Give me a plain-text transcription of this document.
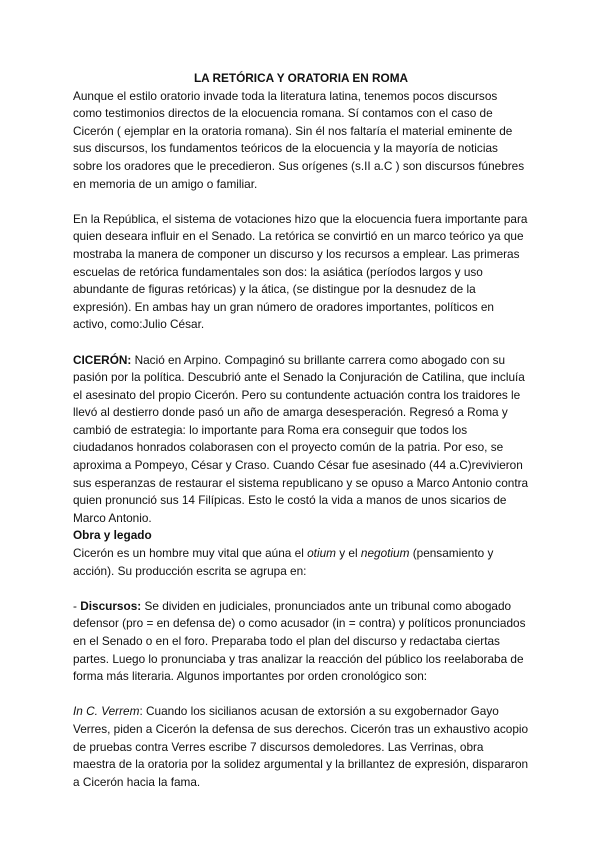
LA RETÓRICA Y ORATORIA EN ROMA

Aunque el estilo oratorio invade toda la literatura latina, tenemos pocos discursos como testimonios directos de la elocuencia romana. Sí contamos con el caso de Cicerón ( ejemplar en la oratoria romana). Sin él nos faltaría el material eminente de sus discursos, los fundamentos teóricos de la elocuencia y la mayoría de noticias sobre los oradores que le precedieron. Sus orígenes (s.II a.C ) son discursos fúnebres en memoria de un amigo o familiar.

En la República, el sistema de votaciones hizo que la elocuencia fuera importante para quien deseara influir en el Senado. La retórica se convirtió en un marco teórico ya que mostraba la manera de componer un discurso y los recursos a emplear. Las primeras escuelas de retórica fundamentales son dos: la asiática (períodos largos y uso abundante de figuras retóricas) y la ática, (se distingue por la desnudez de la expresión). En ambas hay un gran número de oradores importantes, políticos en activo, como:Julio César.

CICERÓN: Nació en Arpino. Compaginó su brillante carrera como abogado con su pasión por la política. Descubrió ante el Senado la Conjuración de Catilina, que incluía el asesinato del propio Cicerón. Pero su contundente actuación contra los traidores le llevó al destierro donde pasó un año de amarga desesperación. Regresó a Roma y cambió de estrategia: lo importante para Roma era conseguir que todos los ciudadanos honrados colaborasen con el proyecto común de la patria. Por eso, se aproxima a Pompeyo, César y Craso. Cuando César fue asesinado (44 a.C)revivieron sus esperanzas de restaurar el sistema republicano y se opuso a Marco Antonio contra quien pronunció sus 14 Filípicas. Esto le costó la vida a manos de unos sicarios de Marco Antonio.

Obra y legado

Cicerón es un hombre muy vital que aúna el otium y el negotium (pensamiento y acción). Su producción escrita se agrupa en:

- Discursos: Se dividen en judiciales, pronunciados ante un tribunal como abogado defensor (pro = en defensa de) o como acusador (in = contra) y políticos pronunciados en el Senado o en el foro. Preparaba todo el plan del discurso y redactaba ciertas partes. Luego lo pronunciaba y tras analizar la reacción del público los reelaboraba de forma más literaria. Algunos importantes por orden cronológico son:

In C. Verrem: Cuando los sicilianos acusan de extorsión a su exgobernador Gayo Verres, piden a Cicerón la defensa de sus derechos. Cicerón tras un exhaustivo acopio de pruebas contra Verres escribe 7 discursos demoledores. Las Verrinas, obra maestra de la oratoria por la solidez argumental y la brillantez de expresión, dispararon a Cicerón hacia la fama.
